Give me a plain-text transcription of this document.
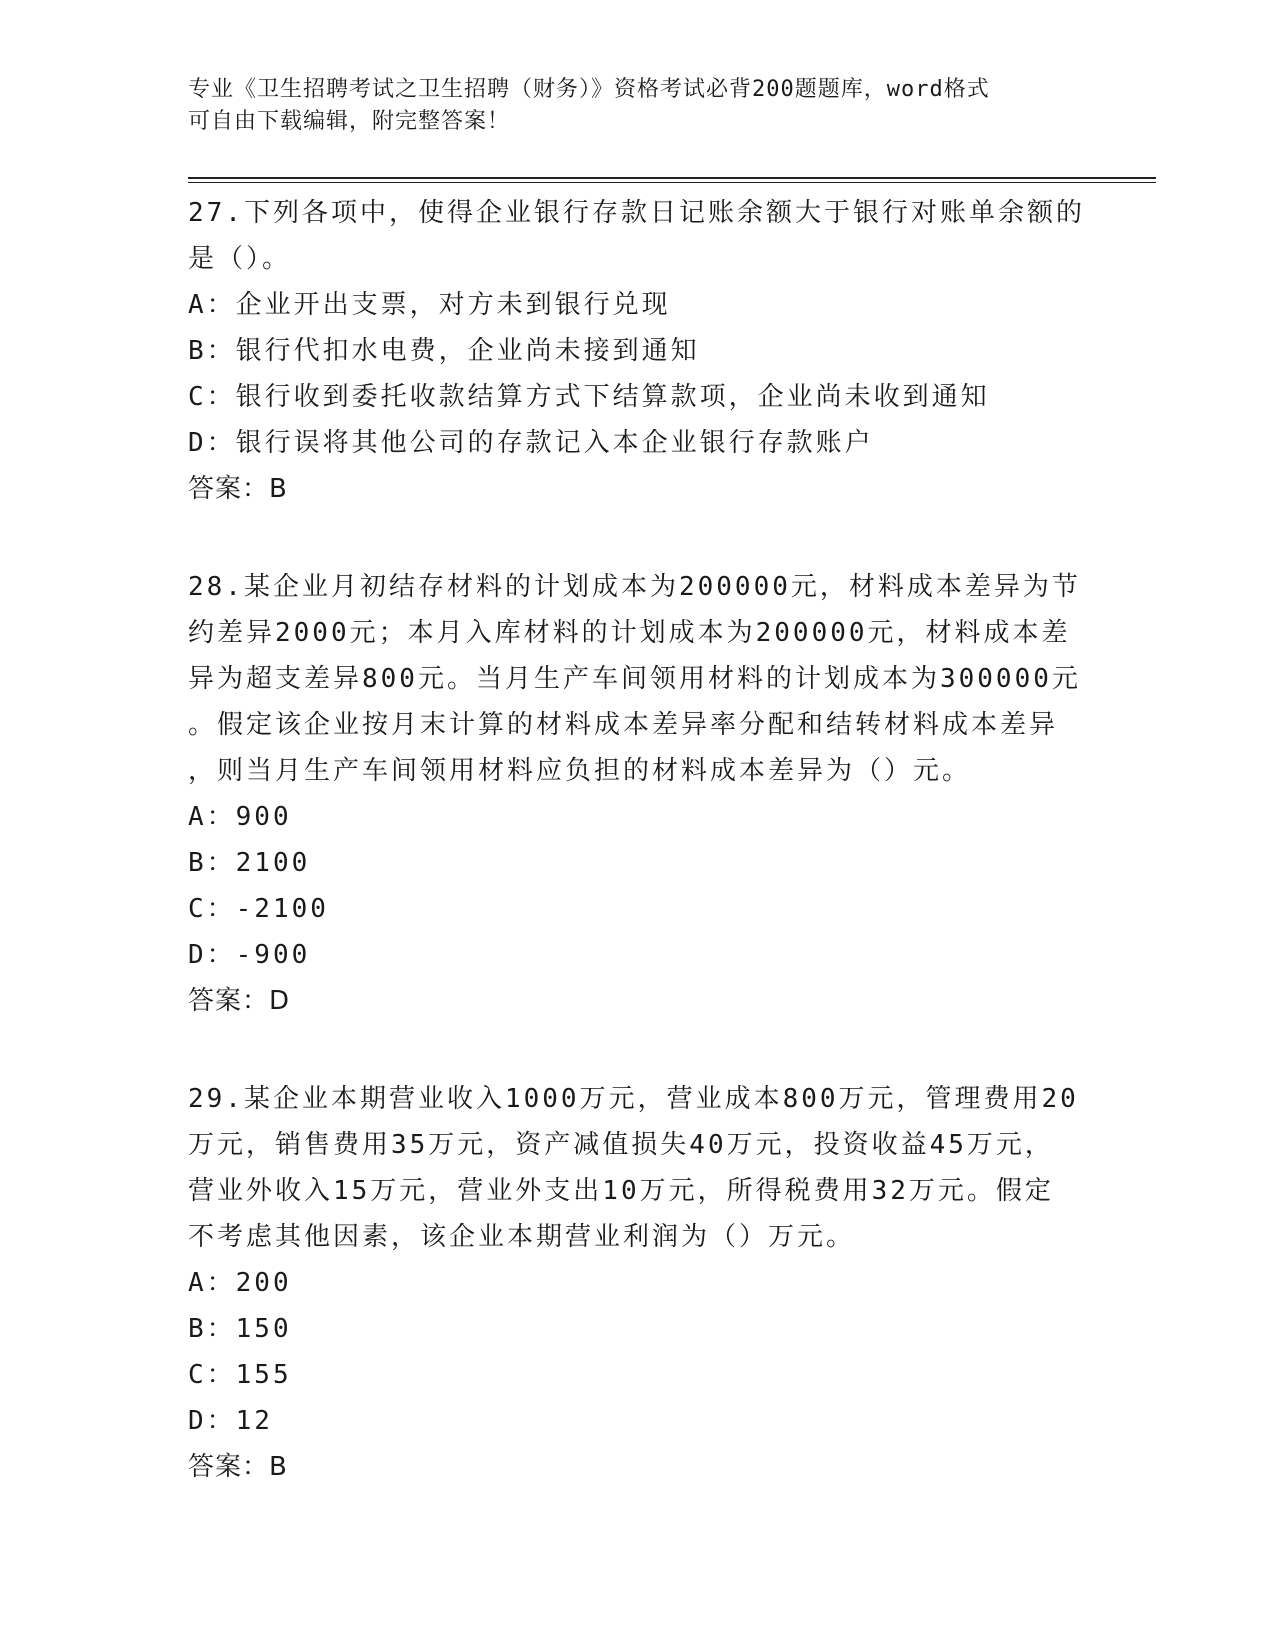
专业《卫生招聘考试之卫生招聘（财务）》资格考试必背200题题库，word格式
可自由下载编辑，附完整答案！
27.下列各项中，使得企业银行存款日记账余额大于银行对账单余额的
是（）。
A：企业开出支票，对方未到银行兑现
B：银行代扣水电费，企业尚未接到通知
C：银行收到委托收款结算方式下结算款项，企业尚未收到通知
D：银行误将其他公司的存款记入本企业银行存款账户
答案：B
28.某企业月初结存材料的计划成本为200000元，材料成本差异为节
约差异2000元；本月入库材料的计划成本为200000元，材料成本差
异为超支差异800元。当月生产车间领用材料的计划成本为300000元
。假定该企业按月末计算的材料成本差异率分配和结转材料成本差异
，则当月生产车间领用材料应负担的材料成本差异为（）元。
A：900
B：2100
C：-2100
D：-900
答案：D
29.某企业本期营业收入1000万元，营业成本800万元，管理费用20
万元，销售费用35万元，资产减值损失40万元，投资收益45万元，
营业外收入15万元，营业外支出10万元，所得税费用32万元。假定
不考虑其他因素，该企业本期营业利润为（）万元。
A：200
B：150
C：155
D：12
答案：B
